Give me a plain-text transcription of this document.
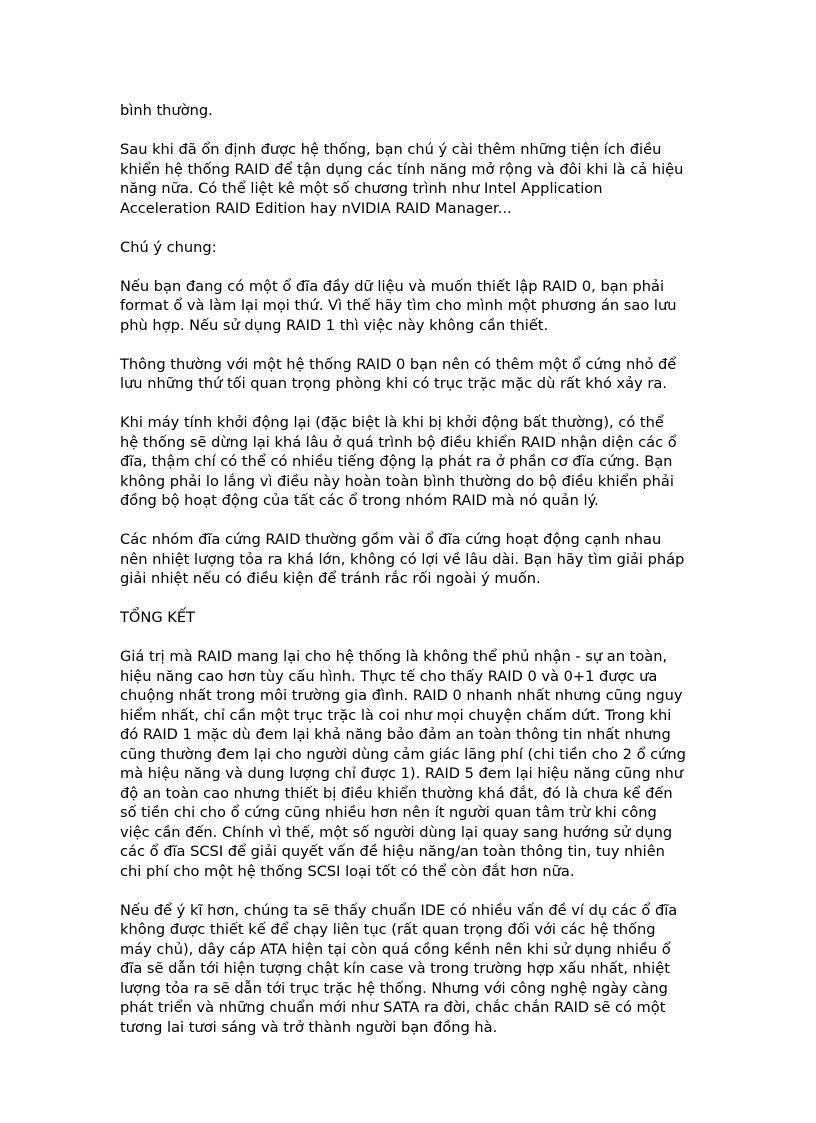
bình thường.

Sau khi đã ổn định được hệ thống, bạn chú ý cài thêm những tiện ích điều
khiển hệ thống RAID để tận dụng các tính năng mở rộng và đôi khi là cả hiệu
năng nữa. Có thể liệt kê một số chương trình như Intel Application
Acceleration RAID Edition hay nVIDIA RAID Manager...

Chú ý chung:

Nếu bạn đang có một ổ đĩa đầy dữ liệu và muốn thiết lập RAID 0, bạn phải
format ổ và làm lại mọi thứ. Vì thế hãy tìm cho mình một phương án sao lưu
phù hợp. Nếu sử dụng RAID 1 thì việc này không cần thiết.

Thông thường với một hệ thống RAID 0 bạn nên có thêm một ổ cứng nhỏ để
lưu những thứ tối quan trọng phòng khi có trục trặc mặc dù rất khó xảy ra.

Khi máy tính khởi động lại (đặc biệt là khi bị khởi động bất thường), có thể
hệ thống sẽ dừng lại khá lâu ở quá trình bộ điều khiển RAID nhận diện các ổ
đĩa, thậm chí có thể có nhiều tiếng động lạ phát ra ở phần cơ đĩa cứng. Bạn
không phải lo lắng vì điều này hoàn toàn bình thường do bộ điều khiển phải
đồng bộ hoạt động của tất các ổ trong nhóm RAID mà nó quản lý.

Các nhóm đĩa cứng RAID thường gồm vài ổ đĩa cứng hoạt động cạnh nhau
nên nhiệt lượng tỏa ra khá lớn, không có lợi về lâu dài. Bạn hãy tìm giải pháp
giải nhiệt nếu có điều kiện để tránh rắc rối ngoài ý muốn.

TỔNG KẾT

Giá trị mà RAID mang lại cho hệ thống là không thể phủ nhận - sự an toàn,
hiệu năng cao hơn tùy cấu hình. Thực tế cho thấy RAID 0 và 0+1 được ưa
chuộng nhất trong môi trường gia đình. RAID 0 nhanh nhất nhưng cũng nguy
hiểm nhất, chỉ cần một trục trặc là coi như mọi chuyện chấm dứt. Trong khi
đó RAID 1 mặc dù đem lại khả năng bảo đảm an toàn thông tin nhất nhưng
cũng thường đem lại cho người dùng cảm giác lãng phí (chi tiền cho 2 ổ cứng
mà hiệu năng và dung lượng chỉ được 1). RAID 5 đem lại hiệu năng cũng như
độ an toàn cao nhưng thiết bị điều khiển thường khá đắt, đó là chưa kể đến
số tiền chi cho ổ cứng cũng nhiều hơn nên ít người quan tâm trừ khi công
việc cần đến. Chính vì thế, một số người dùng lại quay sang hướng sử dụng
các ổ đĩa SCSI để giải quyết vấn đề hiệu năng/an toàn thông tin, tuy nhiên
chi phí cho một hệ thống SCSI loại tốt có thể còn đắt hơn nữa.

Nếu để ý kĩ hơn, chúng ta sẽ thấy chuẩn IDE có nhiều vấn đề ví dụ các ổ đĩa
không được thiết kế để chạy liên tục (rất quan trọng đối với các hệ thống
máy chủ), dây cáp ATA hiện tại còn quá cồng kềnh nên khi sử dụng nhiều ổ
đĩa sẽ dẫn tới hiện tượng chật kín case và trong trường hợp xấu nhất, nhiệt
lượng tỏa ra sẽ dẫn tới trục trặc hệ thống. Nhưng với công nghệ ngày càng
phát triển và những chuẩn mới như SATA ra đời, chắc chắn RAID sẽ có một
tương lai tươi sáng và trở thành người bạn đồng hà.
